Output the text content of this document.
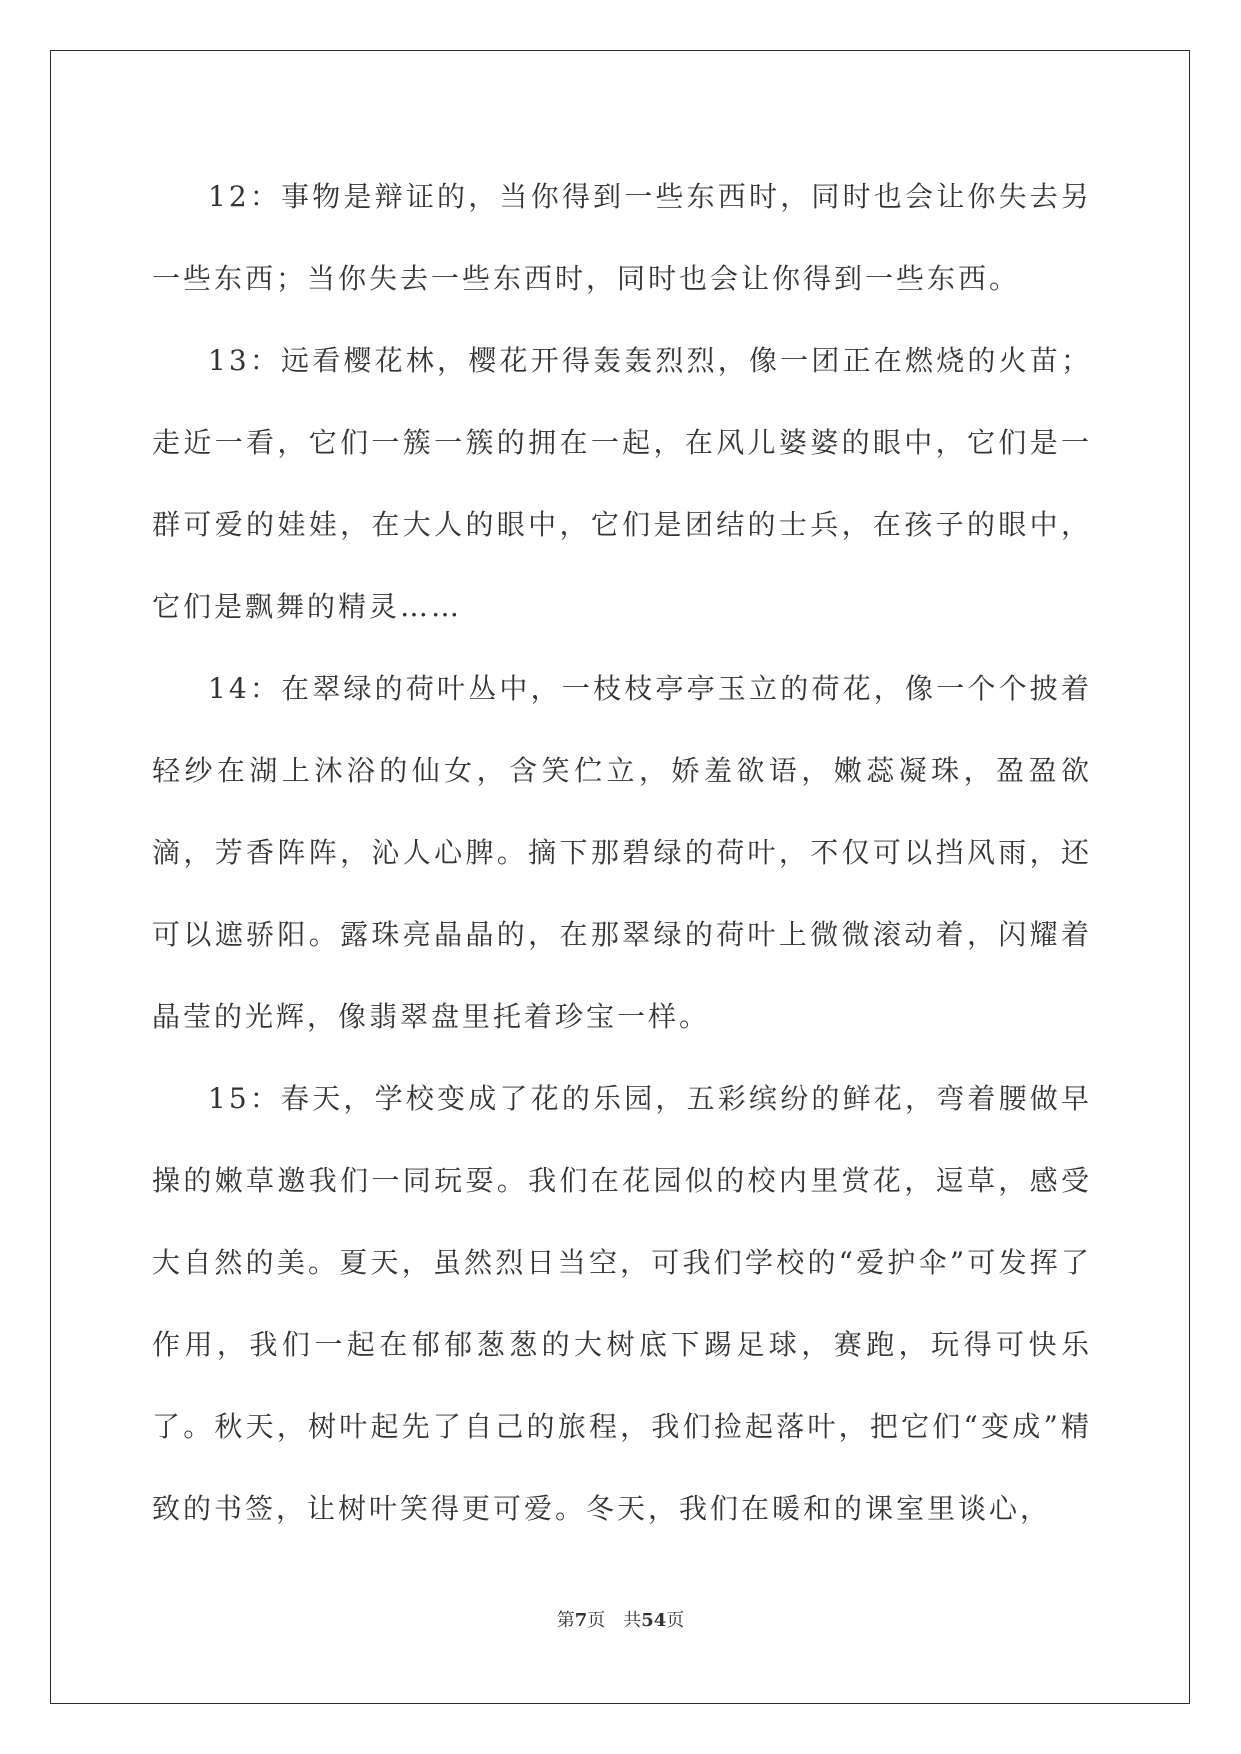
12：事物是辩证的，当你得到一些东西时，同时也会让你失去另一些东西；当你失去一些东西时，同时也会让你得到一些东西。

13：远看樱花林，樱花开得轰轰烈烈，像一团正在燃烧的火苗；走近一看，它们一簇一簇的拥在一起，在风儿婆婆的眼中，它们是一群可爱的娃娃，在大人的眼中，它们是团结的士兵，在孩子的眼中，它们是飘舞的精灵……

14：在翠绿的荷叶丛中，一枝枝亭亭玉立的荷花，像一个个披着轻纱在湖上沐浴的仙女，含笑伫立，娇羞欲语，嫩蕊凝珠，盈盈欲滴，芳香阵阵，沁人心脾。摘下那碧绿的荷叶，不仅可以挡风雨，还可以遮骄阳。露珠亮晶晶的，在那翠绿的荷叶上微微滚动着，闪耀着晶莹的光辉，像翡翠盘里托着珍宝一样。

15：春天，学校变成了花的乐园，五彩缤纷的鲜花，弯着腰做早操的嫩草邀我们一同玩耍。我们在花园似的校内里赏花，逗草，感受大自然的美。夏天，虽然烈日当空，可我们学校的“爱护伞”可发挥了作用，我们一起在郁郁葱葱的大树底下踢足球，赛跑，玩得可快乐了。秋天，树叶起先了自己的旅程，我们捡起落叶，把它们“变成”精致的书签，让树叶笑得更可爱。冬天，我们在暖和的课室里谈心，

第7页 共54页
